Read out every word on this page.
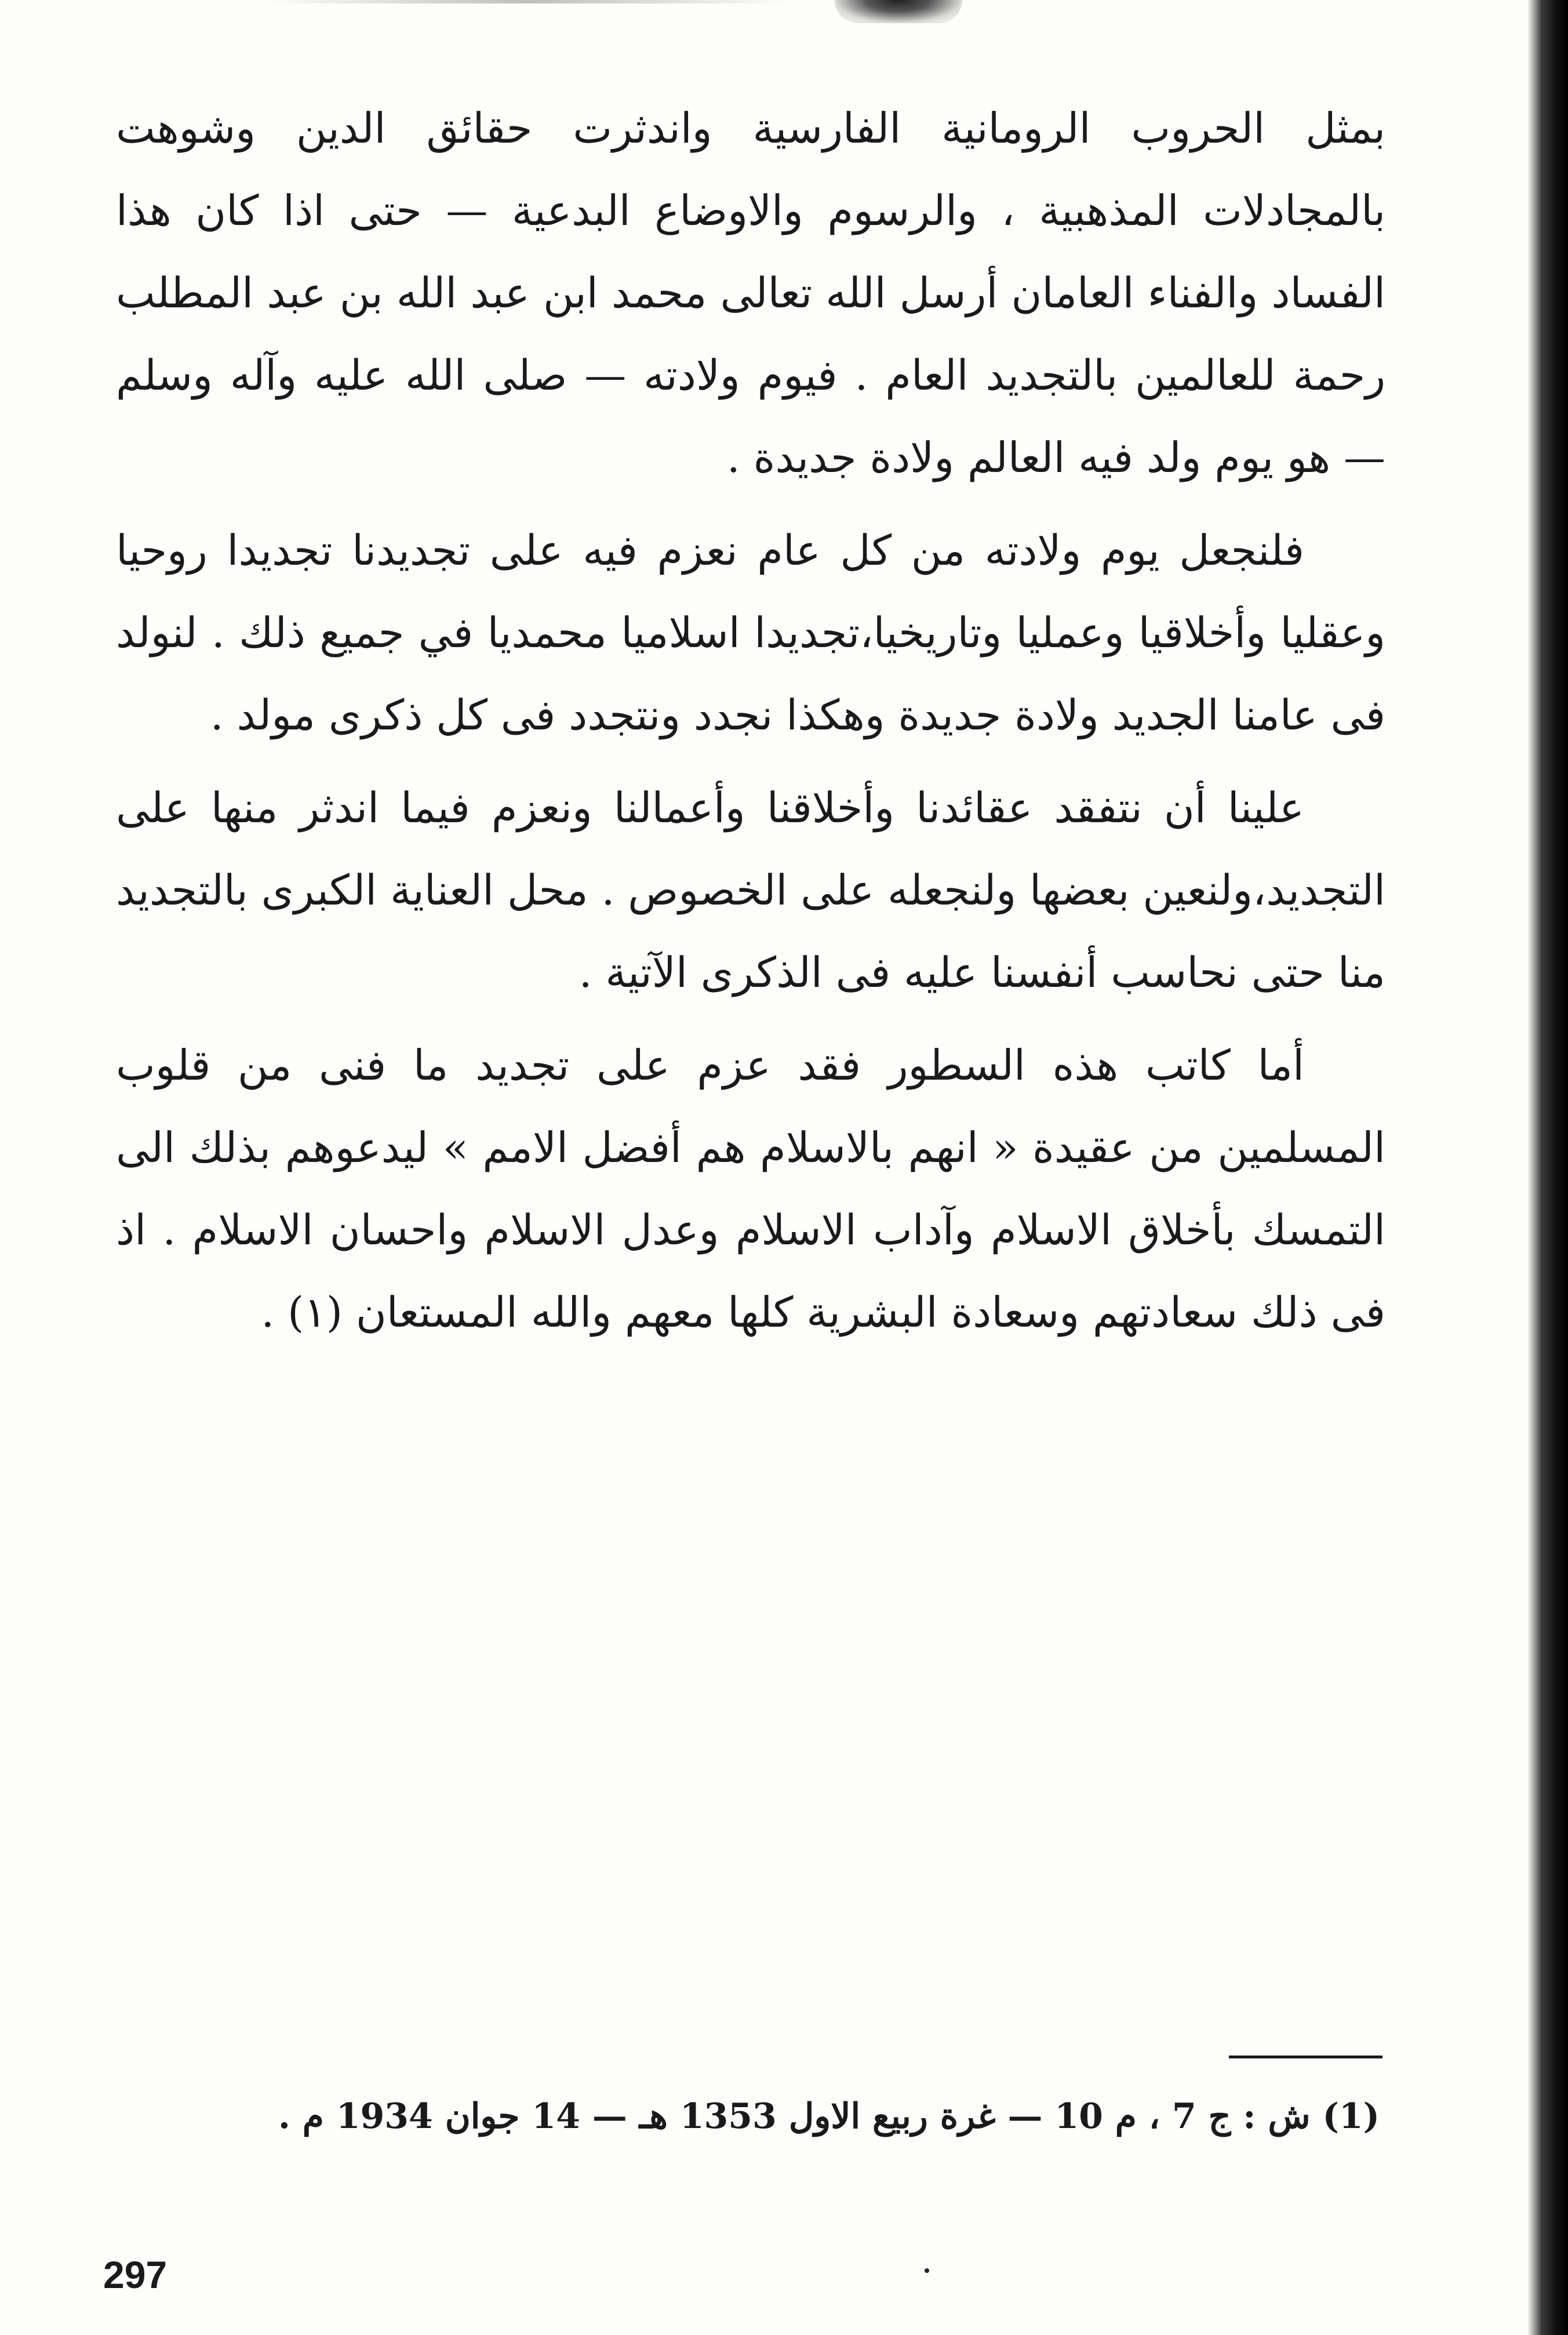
بمثل الحروب الرومانية الفارسية واندثرت حقائق الدين وشوهت بالمجادلات المذهبية ، والرسوم والاوضاع البدعية — حتى اذا كان هذا الفساد والفناء العامان أرسل الله تعالى محمد ابن عبد الله بن عبد المطلب رحمة للعالمين بالتجديد العام . فيوم ولادته — صلى الله عليه وآله وسلم — هو يوم ولد فيه العالم ولادة جديدة .

فلنجعل يوم ولادته من كل عام نعزم فيه على تجديدنا تجديدا روحيا وعقليا وأخلاقيا وعمليا وتاريخيا،تجديدا اسلاميا محمديا في جميع ذلك . لنولد فى عامنا الجديد ولادة جديدة وهكذا نجدد ونتجدد فى كل ذكرى مولد .

علينا أن نتفقد عقائدنا وأخلاقنا وأعمالنا ونعزم فيما اندثر منها على التجديد،ولنعين بعضها ولنجعله على الخصوص . محل العناية الكبرى بالتجديد منا حتى نحاسب أنفسنا عليه فى الذكرى الآتية .

أما كاتب هذه السطور فقد عزم على تجديد ما فنى من قلوب المسلمين من عقيدة « انهم بالاسلام هم أفضل الامم » ليدعوهم بذلك الى التمسك بأخلاق الاسلام وآداب الاسلام وعدل الاسلام واحسان الاسلام . اذ فى ذلك سعادتهم وسعادة البشرية كلها معهم والله المستعان (١) .

(1) ش : ج 7 ، م 10 — غرة ربيع الاول 1353 هـ — 14 جوان 1934 م .
297
